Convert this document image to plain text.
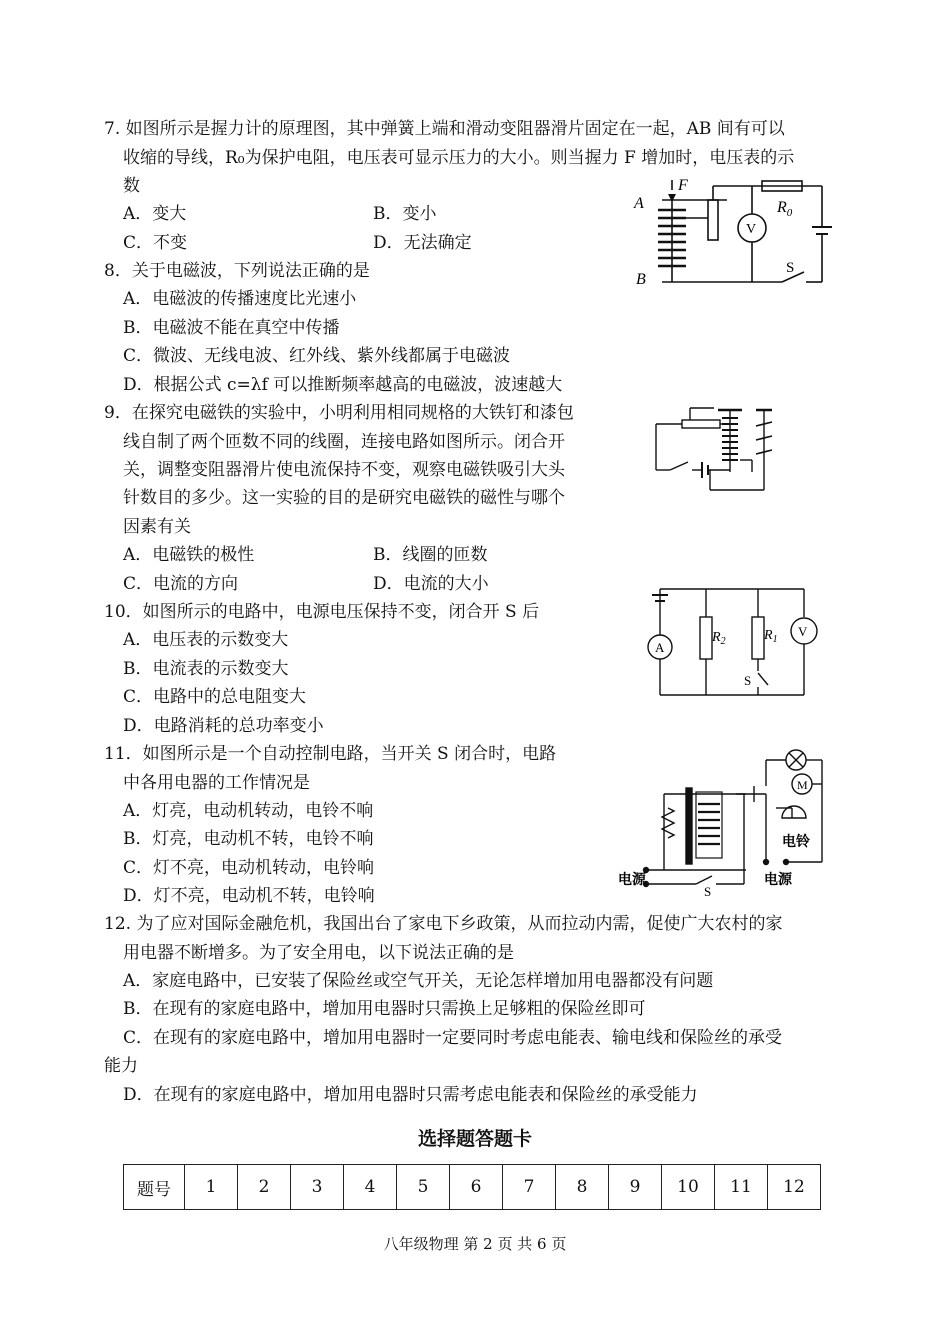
7. 如图所示是握力计的原理图，其中弹簧上端和滑动变阻器滑片固定在一起，AB 间有可以
收缩的导线，R₀为保护电阻，电压表可显示压力的大小。则当握力 F 增加时，电压表的示
数
A．变大	B．变小
C．不变	D．无法确定
A
B
F
V
$R_0$
S
8．关于电磁波，下列说法正确的是
A．电磁波的传播速度比光速小
B．电磁波不能在真空中传播
C．微波、无线电波、红外线、紫外线都属于电磁波
D．根据公式 c=λf 可以推断频率越高的电磁波，波速越大
9．在探究电磁铁的实验中，小明利用相同规格的大铁钉和漆包
线自制了两个匝数不同的线圈，连接电路如图所示。闭合开
关，调整变阻器滑片使电流保持不变，观察电磁铁吸引大头
针数目的多少。这一实验的目的是研究电磁铁的磁性与哪个
因素有关
A．电磁铁的极性	B．线圈的匝数
C．电流的方向	D．电流的大小
10．如图所示的电路中，电源电压保持不变，闭合开 S 后
A．电压表的示数变大
B．电流表的示数变大
C．电路中的总电阻变大
D．电路消耗的总功率变小
A
V
$R_2$	$R_1$
S
11．如图所示是一个自动控制电路，当开关 S 闭合时，电路
中各用电器的工作情况是
A．灯亮，电动机转动，电铃不响
B．灯亮，电动机不转，电铃不响
C．灯不亮，电动机转动，电铃响
D．灯不亮，电动机不转，电铃响
M
电铃
电源	电源
S
12. 为了应对国际金融危机，我国出台了家电下乡政策，从而拉动内需，促使广大农村的家
用电器不断增多。为了安全用电，以下说法正确的是
A．家庭电路中，已安装了保险丝或空气开关，无论怎样增加用电器都没有问题
B．在现有的家庭电路中，增加用电器时只需换上足够粗的保险丝即可
C．在现有的家庭电路中，增加用电器时一定要同时考虑电能表、输电线和保险丝的承受
能力
D．在现有的家庭电路中，增加用电器时只需考虑电能表和保险丝的承受能力
选择题答题卡
题号	1	2	3	4	5	6	7	8	9	10	11	12
八年级物理 第 2 页 共 6 页
